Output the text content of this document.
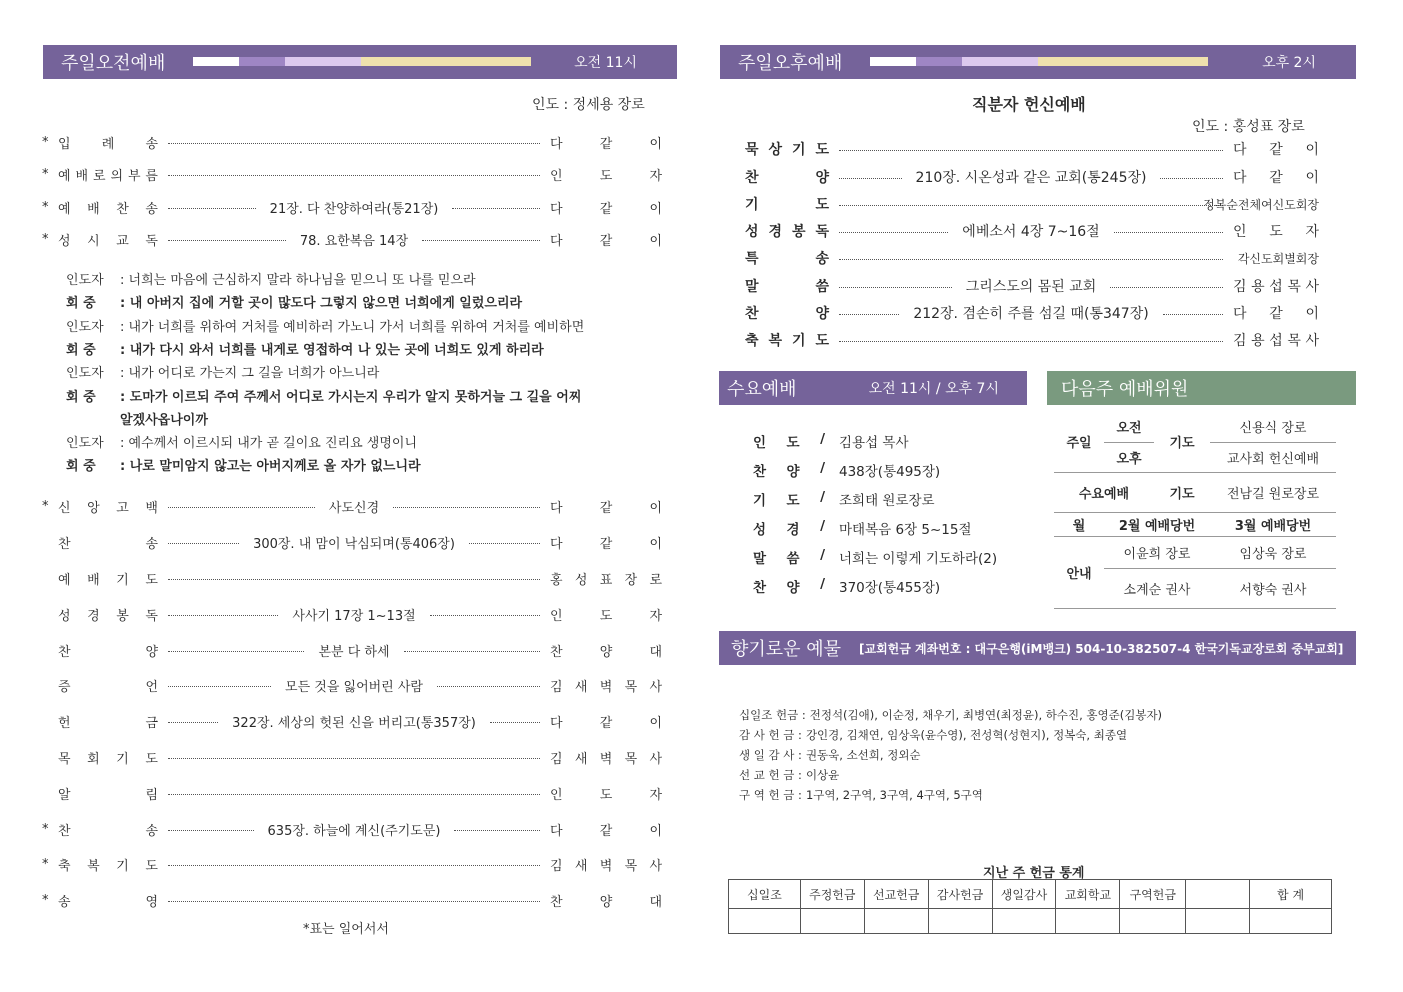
주일오전예배	오전 11시
인도 : 정세용 장로
* 입 례 송	다	같	이
* 예 배 로 의 부 름	인	도	자
* 예 배 찬 송	21장. 다 찬양하여라(통21장)	다	같	이
* 성 시 교 독	78. 요한복음 14장	다	같	이
인도자 : 너희는 마음에 근심하지 말라 하나님을 믿으니 또 나를 믿으라
회 중 : 내 아버지 집에 거할 곳이 많도다 그렇지 않으면 너희에게 일렀으리라
인도자 : 내가 너희를 위하여 거처를 예비하러 가노니 가서 너희를 위하여 거처를 예비하면
회 중 : 내가 다시 와서 너희를 내게로 영접하여 나 있는 곳에 너희도 있게 하리라
인도자 : 내가 어디로 가는지 그 길을 너희가 아느니라
회 중 : 도마가 이르되 주여 주께서 어디로 가시는지 우리가 알지 못하거늘 그 길을 어찌
알겠사옵나이까
인도자 : 예수께서 이르시되 내가 곧 길이요 진리요 생명이니
회 중 : 나로 말미암지 않고는 아버지께로 올 자가 없느니라
* 신 앙 고 백	사도신경	다	같	이
찬	송	300장. 내 맘이 낙심되며(통406장)	다	같	이
예 배 기 도	홍 성 표 장 로
성 경 봉 독	사사기 17장 1~13절	인	도	자
찬	양	본분 다 하세	찬	양	대
증	언	모든 것을 잃어버린 사람	김 새 벽 목 사
헌	금	322장. 세상의 헛된 신을 버리고(통357장)	다	같	이
목 회 기 도	김 새 벽 목 사
알	림	인	도	자
* 찬	송	635장. 하늘에 계신(주기도문)	다	같	이
* 축 복 기 도	김 새 벽 목 사
* 송	영	찬	양	대
*표는 일어서서
주일오후예배	오후 2시
직분자 헌신예배
인도 : 홍성표 장로
묵 상 기 도	다 같 이
찬	양	210장. 시온성과 같은 교회(통245장)	다 같 이
기	도	정복순전체여신도회장
성 경 봉 독	에베소서 4장 7~16절	인 도 자
특	송	각신도회별회장
말	씀	그리스도의 몸된 교회	김 용 섭 목 사
찬	양	212장. 겸손히 주를 섬길 때(통347장)	다 같 이
축 복 기 도	김 용 섭 목 사
수요예배	오전 11시 / 오후 7시
인 도 /	김용섭 목사
찬 양 /	438장(통495장)
기 도 /	조희태 원로장로
성 경 /	마태복음 6장 5~15절
말 씀 /	너희는 이렇게 기도하라(2)
찬 양 /	370장(통455장)
다음주 예배위원
주일	오전	기도	신용식 장로
	오후		교사회 헌신예배
수요예배		기도	전남길 원로장로
월	2월 예배당번		3월 예배당번
안내	이윤희 장로		임상욱 장로
	소계순 권사		서향숙 권사
향기로운 예물 [교회헌금 계좌번호 : 대구은행(iM뱅크) 504-10-382507-4 한국기독교장로회 중부교회]
십일조 헌금 : 전정석(김애), 이순정, 채우기, 최병연(최정윤), 하수진, 홍영준(김봉자)
감 사 헌 금 : 강인경, 김채연, 임상욱(윤수영), 전성혁(성현지), 정복숙, 최종열
생 일 감 사 : 권동욱, 소선희, 정외순
선 교 헌 금 : 이상윤
구 역 헌 금 : 1구역, 2구역, 3구역, 4구역, 5구역
지난 주 헌금 통계
십일조	주정헌금	선교헌금	감사헌금	생일감사	교회학교	구역헌금		합 계
